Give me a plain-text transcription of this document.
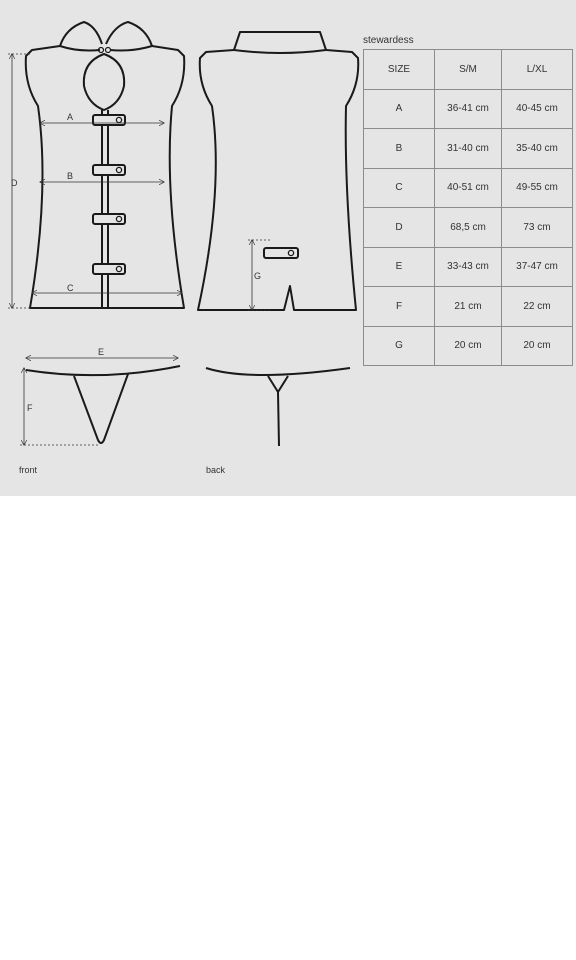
A
B
C
D
G
E
F
stewardess
SIZE	S/M	L/XL
A	36-41 cm	40-45 cm
B	31-40 cm	35-40 cm
C	40-51 cm	49-55 cm
D	68,5 cm	73 cm
E	33-43 cm	37-47 cm
F	21 cm	22 cm
G	20 cm	20 cm
front	back
